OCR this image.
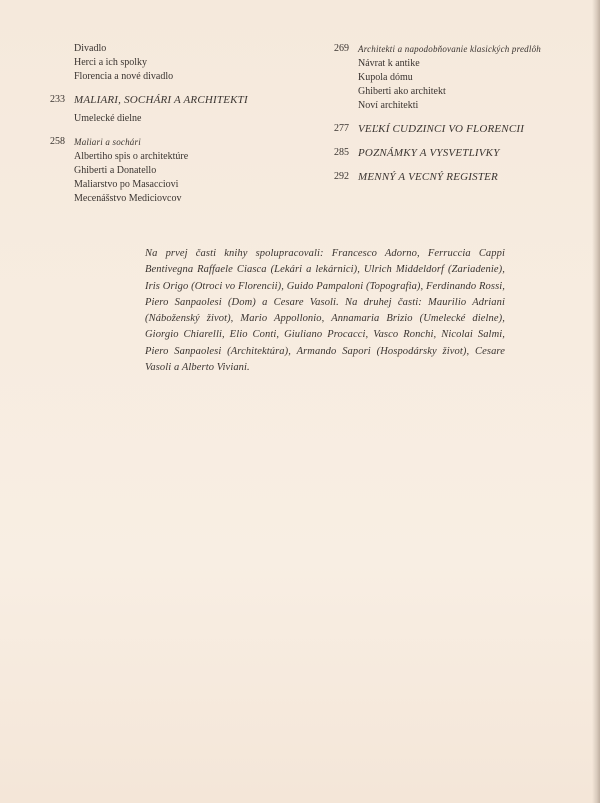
Divadlo
Herci a ich spolky
Florencia a nové divadlo
233 MALIARI, SOCHÁRI A ARCHITEKTI
Umelecké dielne
258 Maliari a sochári
Albertiho spis o architektúre
Ghiberti a Donatello
Maliarstvo po Masacciovi
Mecenášstvo Mediciovcov
269 Architekti a napodobňovanie klasických predlôh
Návrat k antike
Kupola dómu
Ghiberti ako architekt
Noví architekti
277 VEĽKÍ CUDZINCI VO FLORENCII
285 POZNÁMKY A VYSVETLIVKY
292 MENNÝ A VECNÝ REGISTER
Na prvej časti knihy spolupracovali: Francesco Adorno, Ferruccia Cappi Bentivegna Raffaele Ciasca (Lekári a lekárnici), Ulrich Middeldorf (Zariadenie), Iris Origo (Otroci vo Florencii), Guido Pampaloni (Topografia), Ferdinando Rossi, Piero Sanpaolesi (Dom) a Cesare Vasoli. Na druhej časti: Maurilio Adriani (Náboženský život), Mario Appollonio, Annamaria Brizio (Umelecké dielne), Giorgio Chiarelli, Elio Conti, Giuliano Procacci, Vasco Ronchi, Nicolai Salmi, Piero Sanpaolesi (Architektúra), Armando Sapori (Hospodársky život), Cesare Vasoli a Alberto Viviani.
